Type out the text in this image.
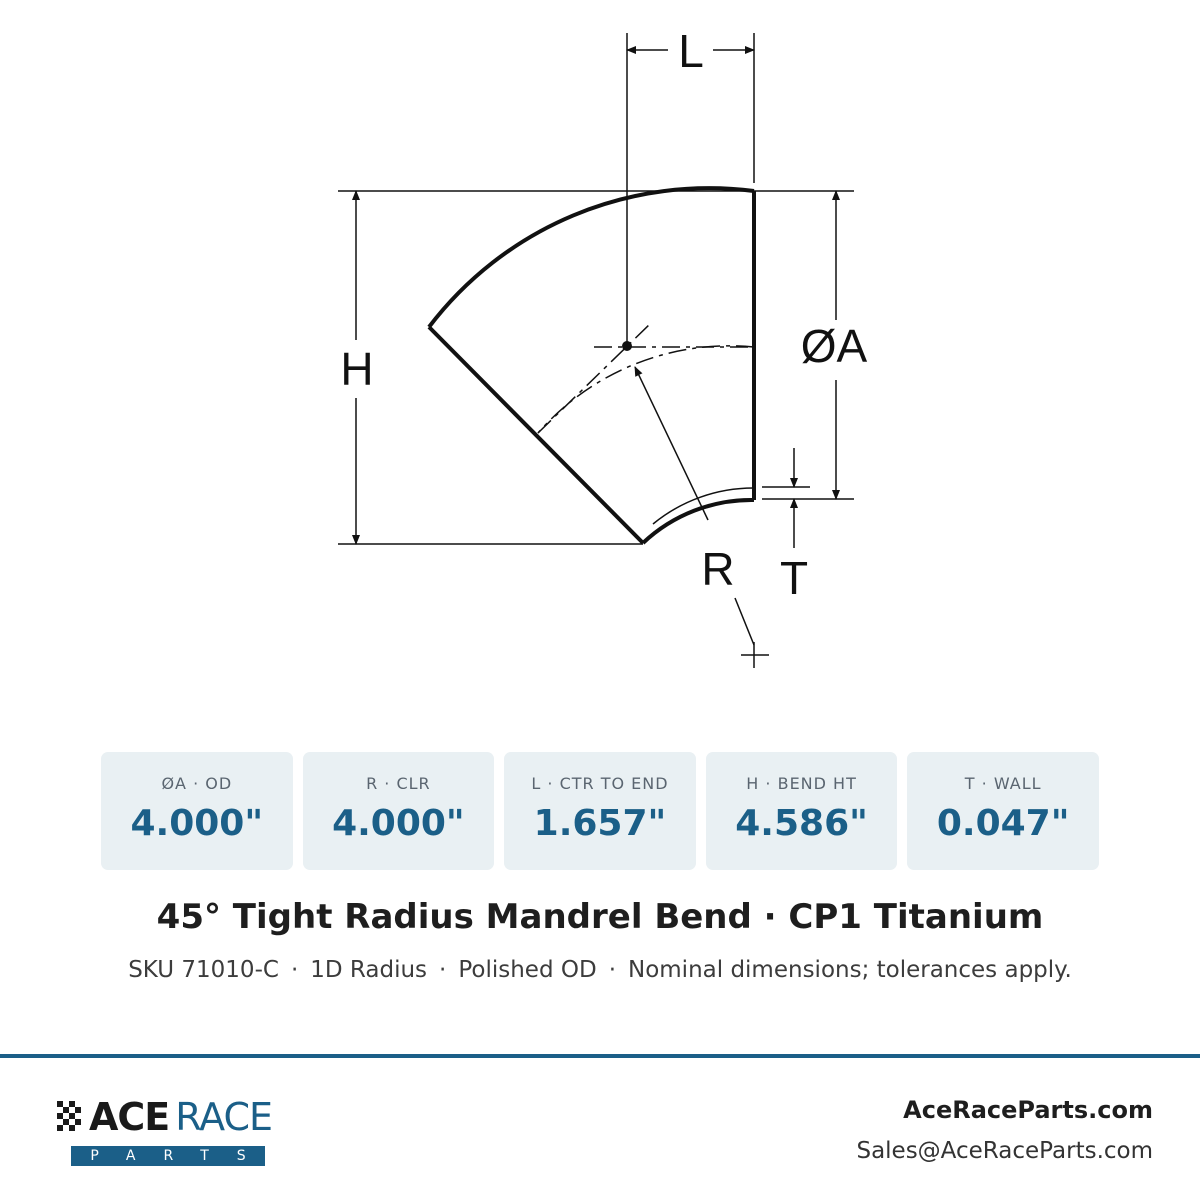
L
H	ØA
T
R
ØA · OD
4.000"
R · CLR
4.000"
L · CTR TO END
1.657"
H · BEND HT
4.586"
T · WALL
0.047"
45° Tight Radius Mandrel Bend · CP1 Titanium
SKU 71010-C · 1D Radius · Polished OD · Nominal dimensions; tolerances apply.
ACE RACE
PARTS
AceRaceParts.com
Sales@AceRaceParts.com
